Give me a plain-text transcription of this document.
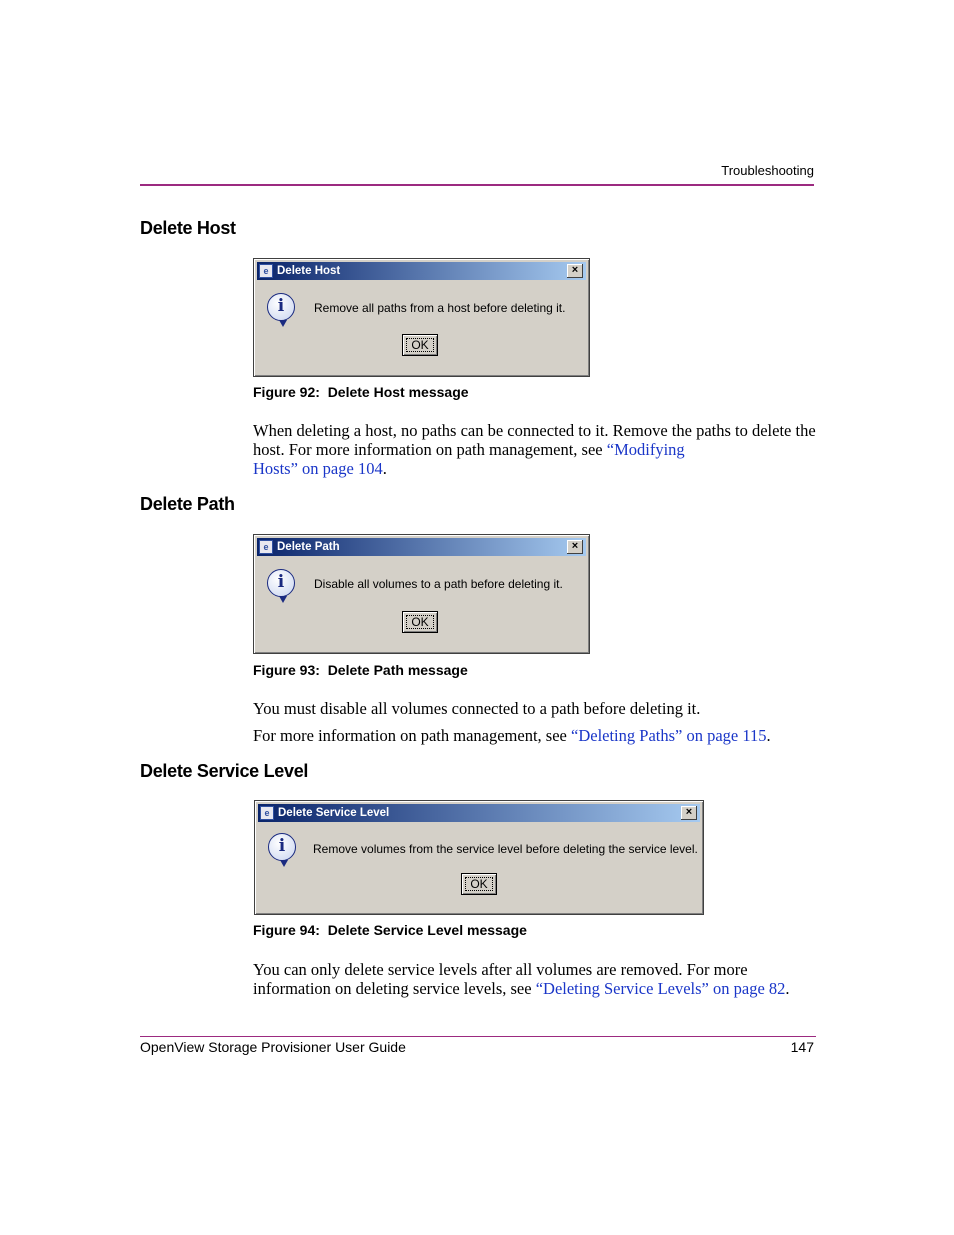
Troubleshooting
Delete Host
e Delete Host	×
i	Remove all paths from a host before deleting it.
OK
Figure 92: Delete Host message
When deleting a host, no paths can be connected to it. Remove the paths to delete the host. For more information on path management, see “Modifying
Hosts” on page 104.
Delete Path
e Delete Path	×
i	Disable all volumes to a path before deleting it.
OK
Figure 93: Delete Path message
You must disable all volumes connected to a path before deleting it.
For more information on path management, see “Deleting Paths” on page 115.
Delete Service Level
e Delete Service Level	×
i	Remove volumes from the service level before deleting the service level.
OK
Figure 94: Delete Service Level message
You can only delete service levels after all volumes are removed. For more information on deleting service levels, see “Deleting Service Levels” on page 82.
OpenView Storage Provisioner User Guide	147
